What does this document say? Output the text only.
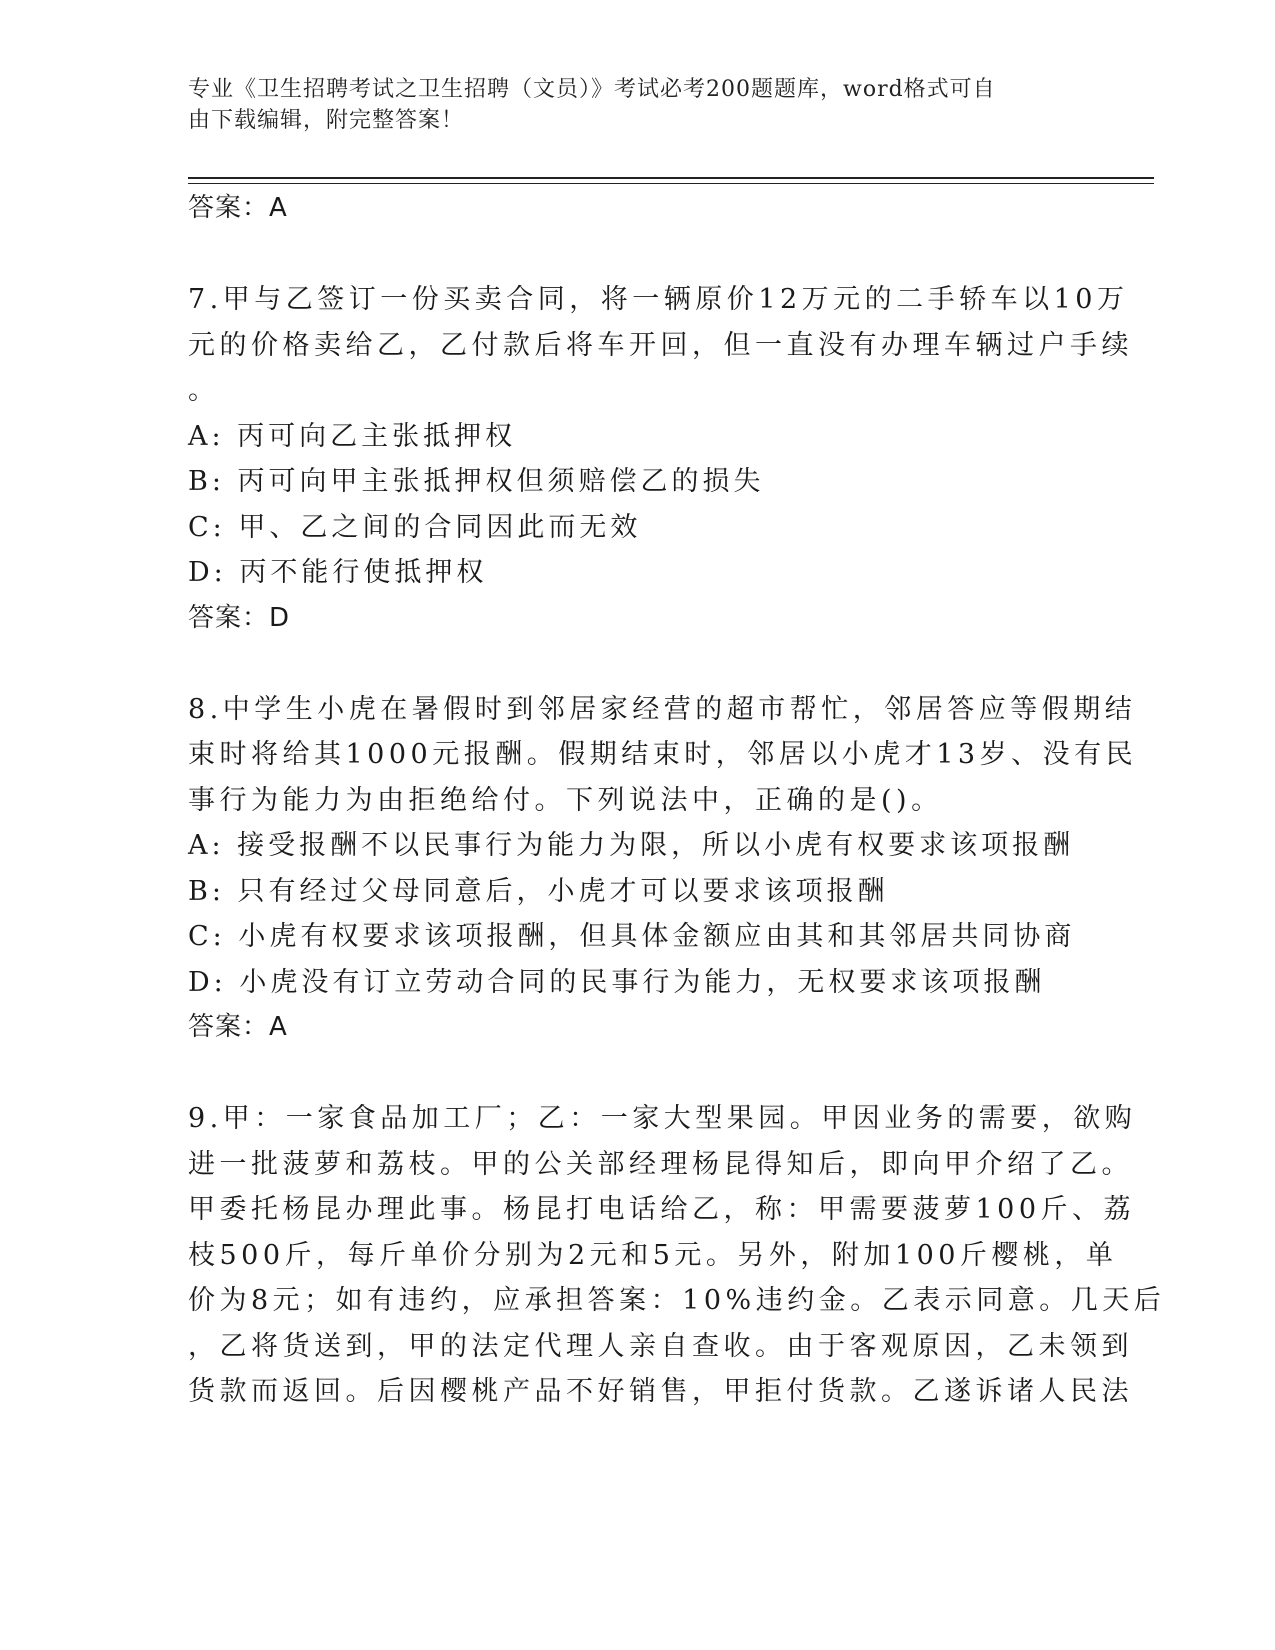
专业《卫生招聘考试之卫生招聘（文员）》考试必考200题题库，word格式可自
由下载编辑，附完整答案！
答案：A
7.甲与乙签订一份买卖合同，将一辆原价12万元的二手轿车以10万
元的价格卖给乙，乙付款后将车开回，但一直没有办理车辆过户手续
。
A: 丙可向乙主张抵押权
B: 丙可向甲主张抵押权但须赔偿乙的损失
C: 甲、乙之间的合同因此而无效
D: 丙不能行使抵押权
答案：D
8.中学生小虎在暑假时到邻居家经营的超市帮忙，邻居答应等假期结
束时将给其1000元报酬。假期结束时，邻居以小虎才13岁、没有民
事行为能力为由拒绝给付。下列说法中，正确的是()。
A: 接受报酬不以民事行为能力为限，所以小虎有权要求该项报酬
B: 只有经过父母同意后，小虎才可以要求该项报酬
C: 小虎有权要求该项报酬，但具体金额应由其和其邻居共同协商
D: 小虎没有订立劳动合同的民事行为能力，无权要求该项报酬
答案：A
9.甲：一家食品加工厂；乙：一家大型果园。甲因业务的需要，欲购
进一批菠萝和荔枝。甲的公关部经理杨昆得知后，即向甲介绍了乙。
甲委托杨昆办理此事。杨昆打电话给乙，称：甲需要菠萝100斤、荔
枝500斤，每斤单价分别为2元和5元。另外，附加100斤樱桃，单
价为8元；如有违约，应承担答案：10%违约金。乙表示同意。几天后
，乙将货送到，甲的法定代理人亲自查收。由于客观原因，乙未领到
货款而返回。后因樱桃产品不好销售，甲拒付货款。乙遂诉诸人民法
